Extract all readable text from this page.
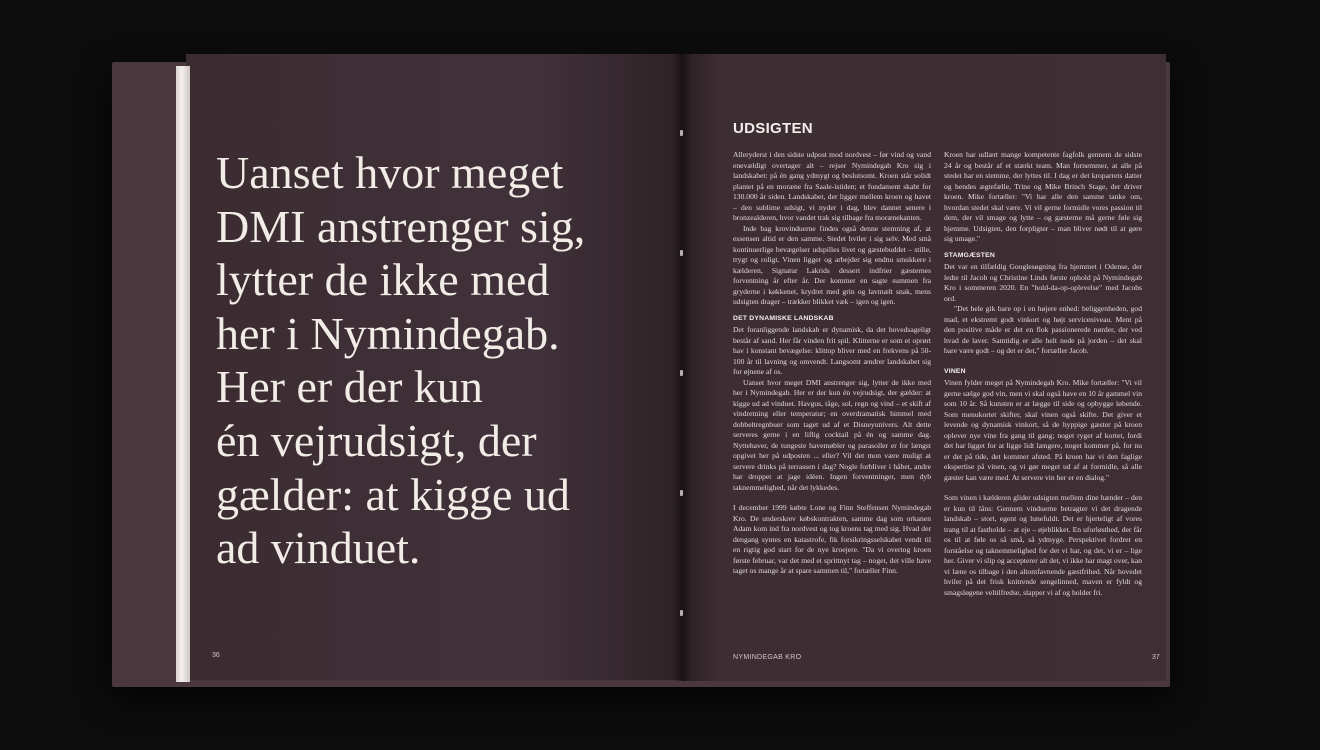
Uanset hvor meget
DMI anstrenger sig,
lytter de ikke med
her i Nymindegab.
Her er der kun
én vejrudsigt, der
gælder: at kigge ud
ad vinduet.
36
UDSIGTEN

Alleryderst i den sidste udpost mod nordvest – før vind og vand enevældigt overtager alt – rejser Nymindegab Kro sig i landskabet: på én gang ydmygt og beslutsomt. Kroen står solidt plantet på en moræne fra Saale-istiden; et fundament skabt for 130.000 år siden. Landskabet, der ligger mellem kroen og havet – den sublime udsigt, vi nyder i dag, blev dannet senere i bronzealderen, hvor vandet trak sig tilbage fra morænekanten.

Inde bag krovinduerne findes også denne stemning af, at essensen altid er den samme. Stedet hviler i sig selv. Med små kontinuerlige bevægelser udspilles livet og gæstebuddet – stille, trygt og roligt. Vinen ligger og arbejder sig endnu smukkere i kælderen, Signatur Lakrids dessert indfrier gæsternes forventning år efter år. Der kommer en sagte summen fra gryderne i køkkenet, krydret med grin og lavmælt snak, mens udsigten drager – trækker blikket væk – igen og igen.

DET DYNAMISKE LANDSKAB

Det foranliggende landskab er dynamisk, da det hovedsageligt består af sand. Her får vinden frit spil. Klitterne er som et oprørt hav i konstant bevægelse: klittop bliver med en frekvens på 50-100 år til lavning og omvendt. Langsomt ændrer landskabet sig for øjnene af os.

Uanset hvor meget DMI anstrenger sig, lytter de ikke med her i Nymindegab. Her er der kun én vejrudsigt, der gælder: at kigge ud ad vinduet. Havgus, tåge, sol, regn og vind – et skift af vindretning eller temperatur; en overdramatisk himmel med dobbeltregnbuer som taget ud af et Disneyunivers. Alt dette serveres gerne i en liflig cocktail på én og samme dag. Nyttehaver, de tungeste havemøbler og parasoller er for længst opgivet her på udposten ... eller? Vil det mon være muligt at servere drinks på terrassen i dag? Nogle forbliver i håbet, andre har droppet at jage idéen. Ingen forventninger, men dyb taknemmelighed, når det lykkedes.

I december 1999 købte Lone og Finn Steffensen Nymindegab Kro. De underskrev købskontrakten, samme dag som orkanen Adam kom ind fra nordvest og tog kroens tag med sig. Hvad der dengang syntes en katastrofe, fik forsikringsselskabet vendt til en rigtig god start for de nye kroejere. "Da vi overtog kroen første februar, var det med et sprittnyt tag – noget, det ville have taget os mange år at spare sammen til," fortæller Finn.

Kroen har udlært mange kompetente fagfolk gennem de sidste 24 år og består af et stærkt team. Man fornemmer, at alle på stedet har en stemme, der lyttes til. I dag er det kroparrets datter og hendes ægtefælle, Trine og Mike Brinch Stage, der driver kroen. Mike fortæller: "Vi har alle den samme tanke om, hvordan stedet skal være. Vi vil gerne formidle vores passion til dem, der vil smage og lytte – og gæsterne må gerne føle sig hjemme. Udsigten, den forpligter – man bliver nødt til at gøre sig umage."

STAMGÆSTEN

Det var en tilfældig Googlesøgning fra hjemmet i Odense, der ledte til Jacob og Christine Linds første ophold på Nymindegab Kro i sommeren 2020. En "hold-da-op-oplevelse" med Jacobs ord.

"Det hele gik bare op i en højere enhed: beliggenheden, god mad, et ekstremt godt vinkort og højt serviceniveau. Ment på den positive måde er det en flok passionerede nørder, der ved hvad de laver. Samtidig er alle helt nede på jorden – det skal bare være godt – og det er det," fortæller Jacob.

VINEN

Vinen fylder meget på Nymindegab Kro. Mike fortæller: "Vi vil gerne sælge god vin, men vi skal også have en 10 år gammel vin som 10 år. Så kunsten er at lægge til side og opbygge løbende. Som menukortet skifter, skal vinen også skifte. Det giver et levende og dynamisk vinkort, så de hyppige gæster på kroen oplever nye vine fra gang til gang; noget ryger af kortet, fordi det har ligget for at ligge lidt længere, noget kommer på, for nu er det på tide, det kommer afsted. På kroen har vi den faglige ekspertise på vinen, og vi gør meget ud af at formidle, så alle gæster kan være med. At servere vin her er en dialog."

Som vinen i kælderen glider udsigten mellem dine hænder – den er kun til låns: Gennem vinduerne betragter vi det dragende landskab – stort, egent og lunefuldt. Det er hjerteligt af vores trang til at fastholde – at eje – øjeblikket. En uforløsthed, der får os til at føle os så små, så ydmyge. Perspektivet fordrer en forståelse og taknemmelighed for det vi har, og det, vi er – lige her. Giver vi slip og accepterer alt det, vi ikke har magt over, kan vi læne os tilbage i den altomfavnende gæstfrihed. Når hovedet hviler på det frisk knitrende sengelinned, maven er fyldt og smagsløgene veltilfredse, slapper vi af og holder fri.

NYMINDEGAB KRO	37
